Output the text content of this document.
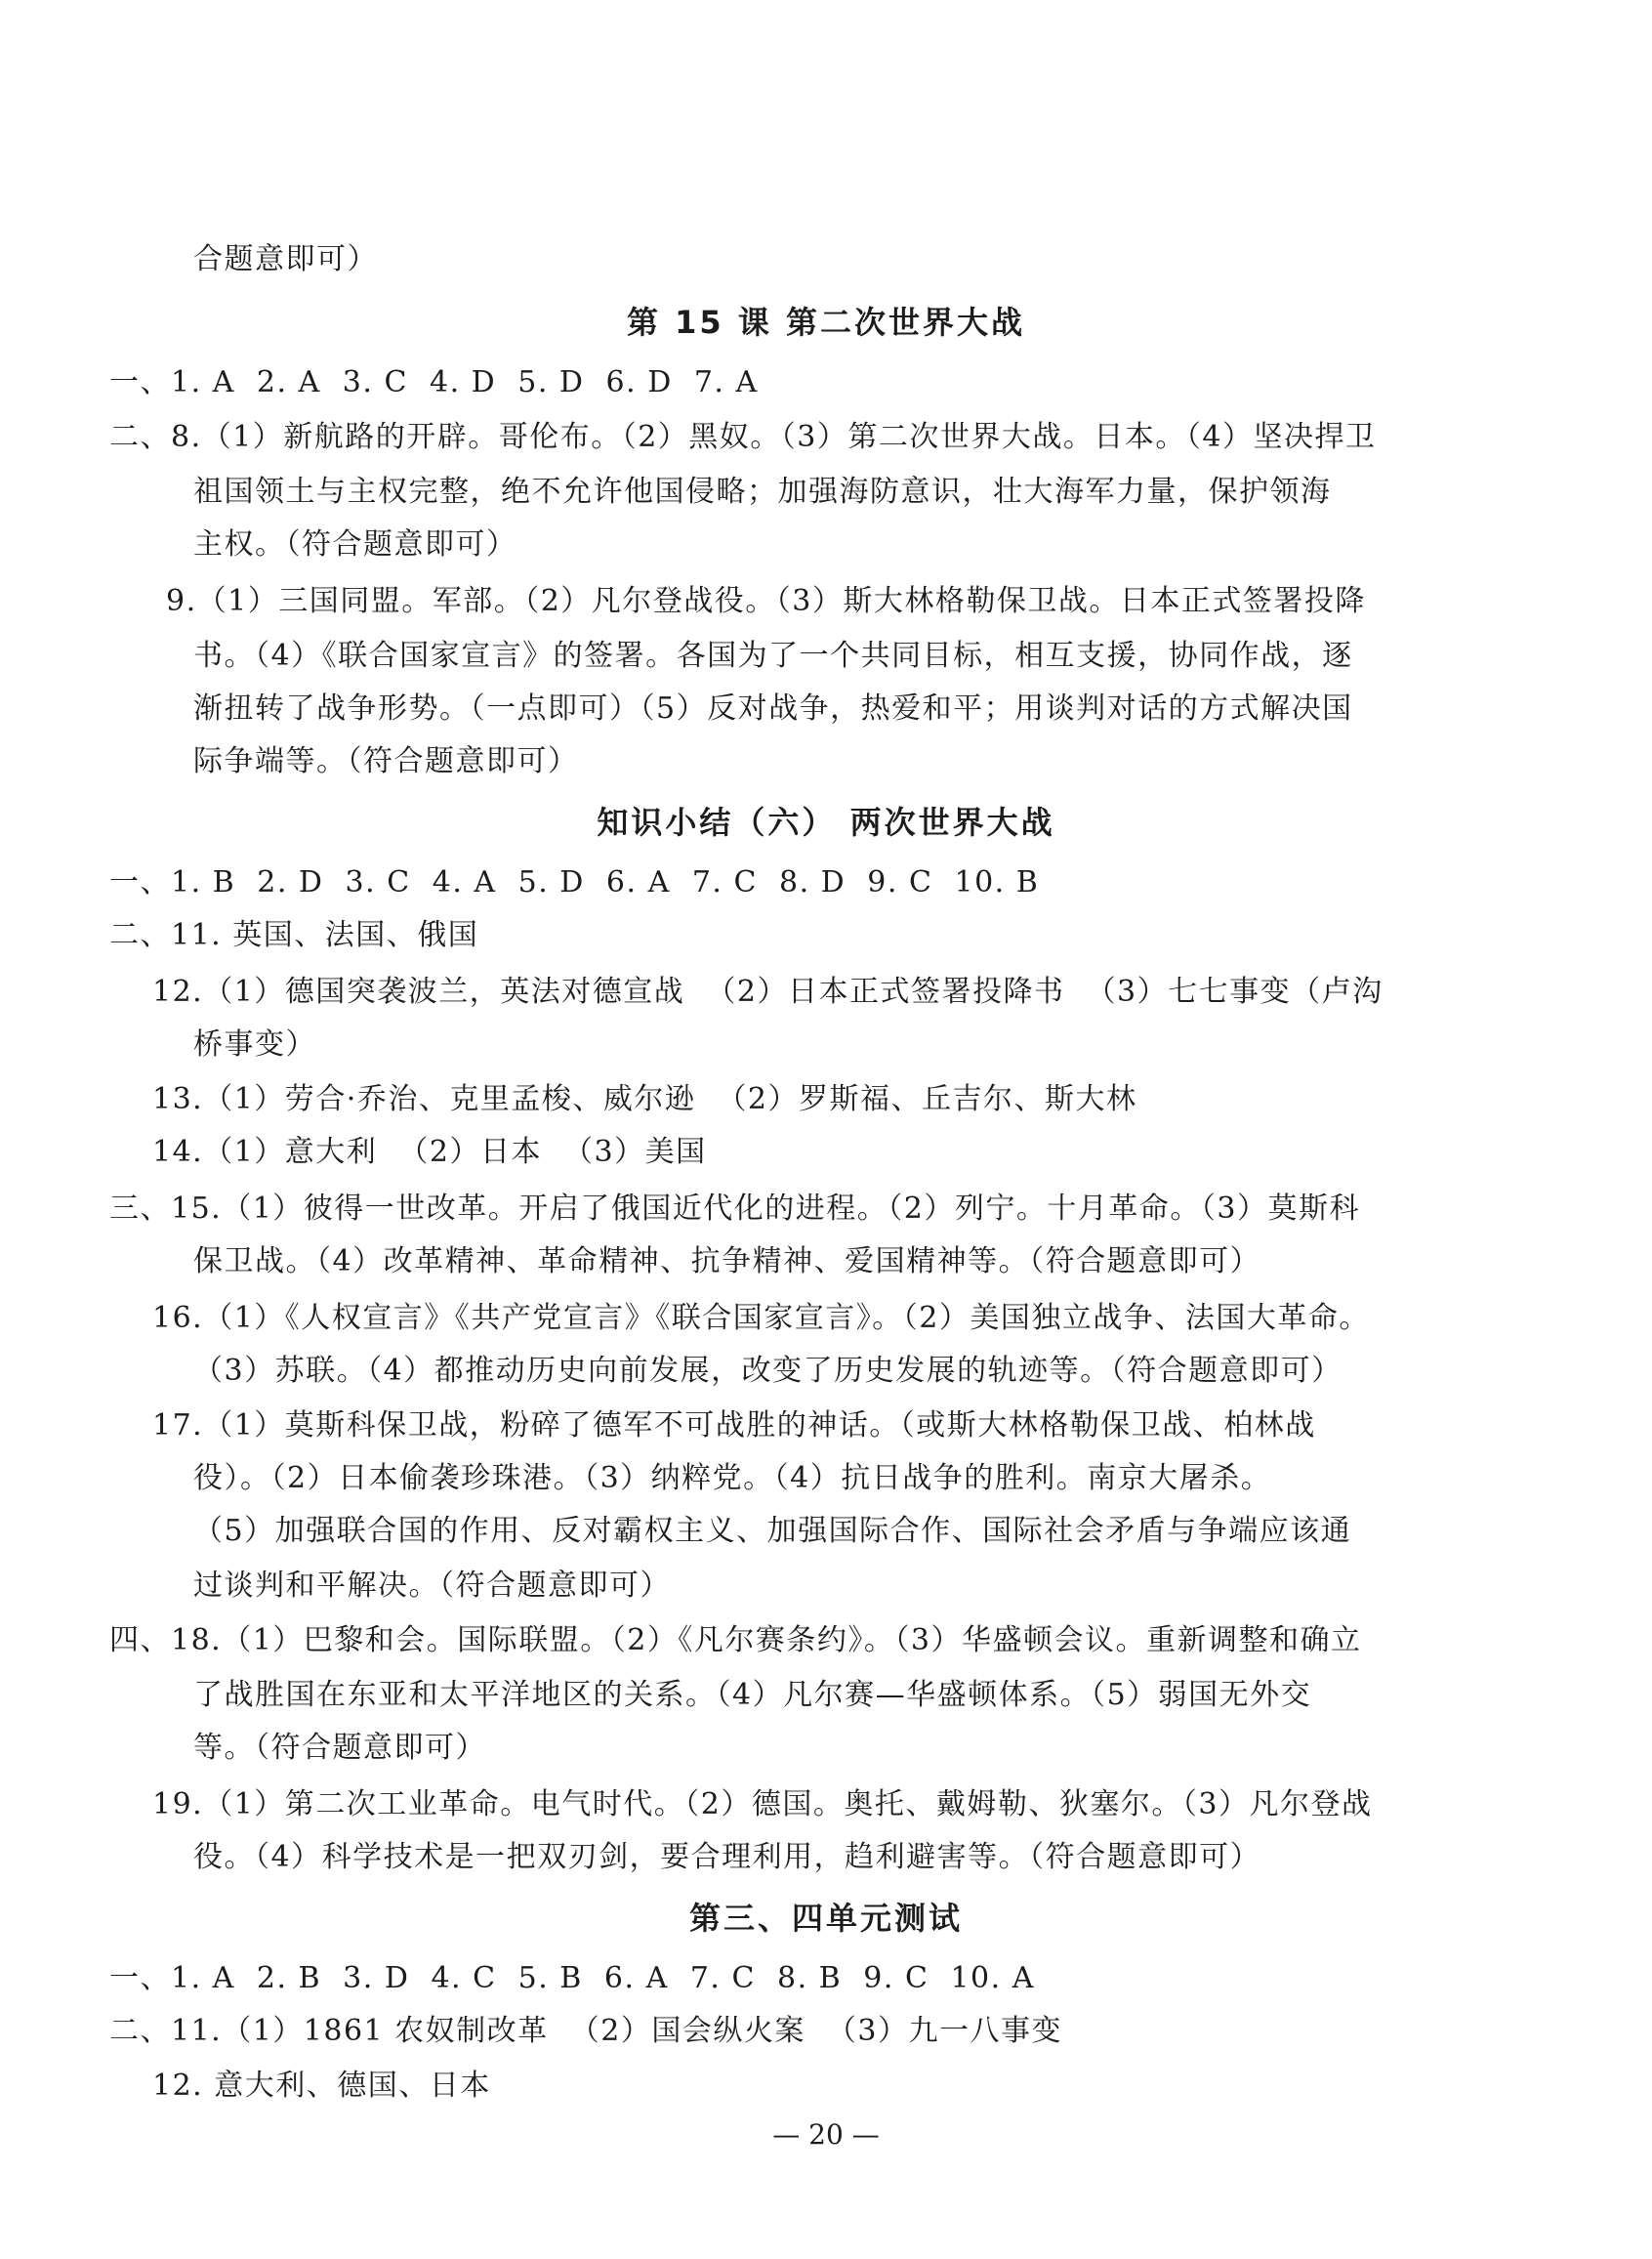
合题意即可）
第 15 课 第二次世界大战
一、1. A  2. A  3. C  4. D  5. D  6. D  7. A
二、8.（1）新航路的开辟。哥伦布。（2）黑奴。（3）第二次世界大战。日本。（4）坚决捍卫
祖国领土与主权完整，绝不允许他国侵略；加强海防意识，壮大海军力量，保护领海
主权。（符合题意即可）
9.（1）三国同盟。军部。（2）凡尔登战役。（3）斯大林格勒保卫战。日本正式签署投降
书。（4）《联合国家宣言》的签署。各国为了一个共同目标，相互支援，协同作战，逐
渐扭转了战争形势。（一点即可）（5）反对战争，热爱和平；用谈判对话的方式解决国
际争端等。（符合题意即可）
知识小结（六） 两次世界大战
一、1. B  2. D  3. C  4. A  5. D  6. A  7. C  8. D  9. C  10. B
二、11. 英国、法国、俄国
12.（1）德国突袭波兰，英法对德宣战  （2）日本正式签署投降书  （3）七七事变（卢沟
桥事变）
13.（1）劳合·乔治、克里孟梭、威尔逊  （2）罗斯福、丘吉尔、斯大林
14.（1）意大利  （2）日本  （3）美国
三、15.（1）彼得一世改革。开启了俄国近代化的进程。（2）列宁。十月革命。（3）莫斯科
保卫战。（4）改革精神、革命精神、抗争精神、爱国精神等。（符合题意即可）
16.（1）《人权宣言》《共产党宣言》《联合国家宣言》。（2）美国独立战争、法国大革命。
（3）苏联。（4）都推动历史向前发展，改变了历史发展的轨迹等。（符合题意即可）
17.（1）莫斯科保卫战，粉碎了德军不可战胜的神话。（或斯大林格勒保卫战、柏林战
役）。（2）日本偷袭珍珠港。（3）纳粹党。（4）抗日战争的胜利。南京大屠杀。
（5）加强联合国的作用、反对霸权主义、加强国际合作、国际社会矛盾与争端应该通
过谈判和平解决。（符合题意即可）
四、18.（1）巴黎和会。国际联盟。（2）《凡尔赛条约》。（3）华盛顿会议。重新调整和确立
了战胜国在东亚和太平洋地区的关系。（4）凡尔赛—华盛顿体系。（5）弱国无外交
等。（符合题意即可）
19.（1）第二次工业革命。电气时代。（2）德国。奥托、戴姆勒、狄塞尔。（3）凡尔登战
役。（4）科学技术是一把双刃剑，要合理利用，趋利避害等。（符合题意即可）
第三、四单元测试
一、1. A  2. B  3. D  4. C  5. B  6. A  7. C  8. B  9. C  10. A
二、11.（1）1861 农奴制改革  （2）国会纵火案  （3）九一八事变
12. 意大利、德国、日本
— 20 —
